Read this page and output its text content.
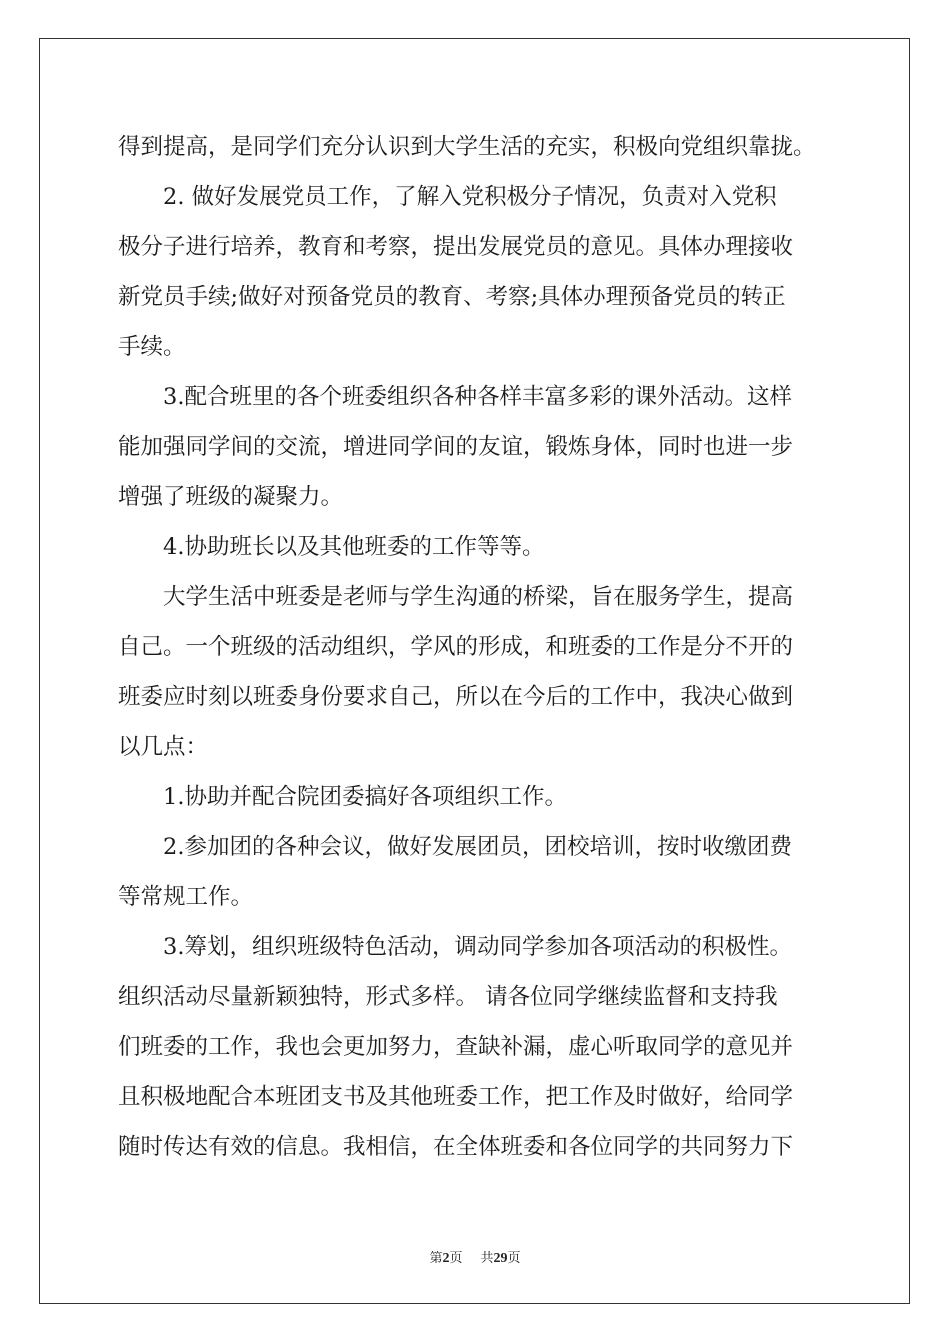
得到提高，是同学们充分认识到大学生活的充实，积极向党组织靠拢。
2. 做好发展党员工作，了解入党积极分子情况，负责对入党积
极分子进行培养，教育和考察，提出发展党员的意见。具体办理接收
新党员手续;做好对预备党员的教育、考察;具体办理预备党员的转正
手续。
3.配合班里的各个班委组织各种各样丰富多彩的课外活动。这样
能加强同学间的交流，增进同学间的友谊，锻炼身体，同时也进一步
增强了班级的凝聚力。
4.协助班长以及其他班委的工作等等。
大学生活中班委是老师与学生沟通的桥梁，旨在服务学生，提高
自己。一个班级的活动组织，学风的形成，和班委的工作是分不开的
班委应时刻以班委身份要求自己，所以在今后的工作中，我决心做到
以几点：
1.协助并配合院团委搞好各项组织工作。
2.参加团的各种会议，做好发展团员，团校培训，按时收缴团费
等常规工作。
3.筹划，组织班级特色活动，调动同学参加各项活动的积极性。
组织活动尽量新颖独特，形式多样。 请各位同学继续监督和支持我
们班委的工作，我也会更加努力，查缺补漏，虚心听取同学的意见并
且积极地配合本班团支书及其他班委工作，把工作及时做好，给同学
随时传达有效的信息。我相信，在全体班委和各位同学的共同努力下
第2页 共29页
